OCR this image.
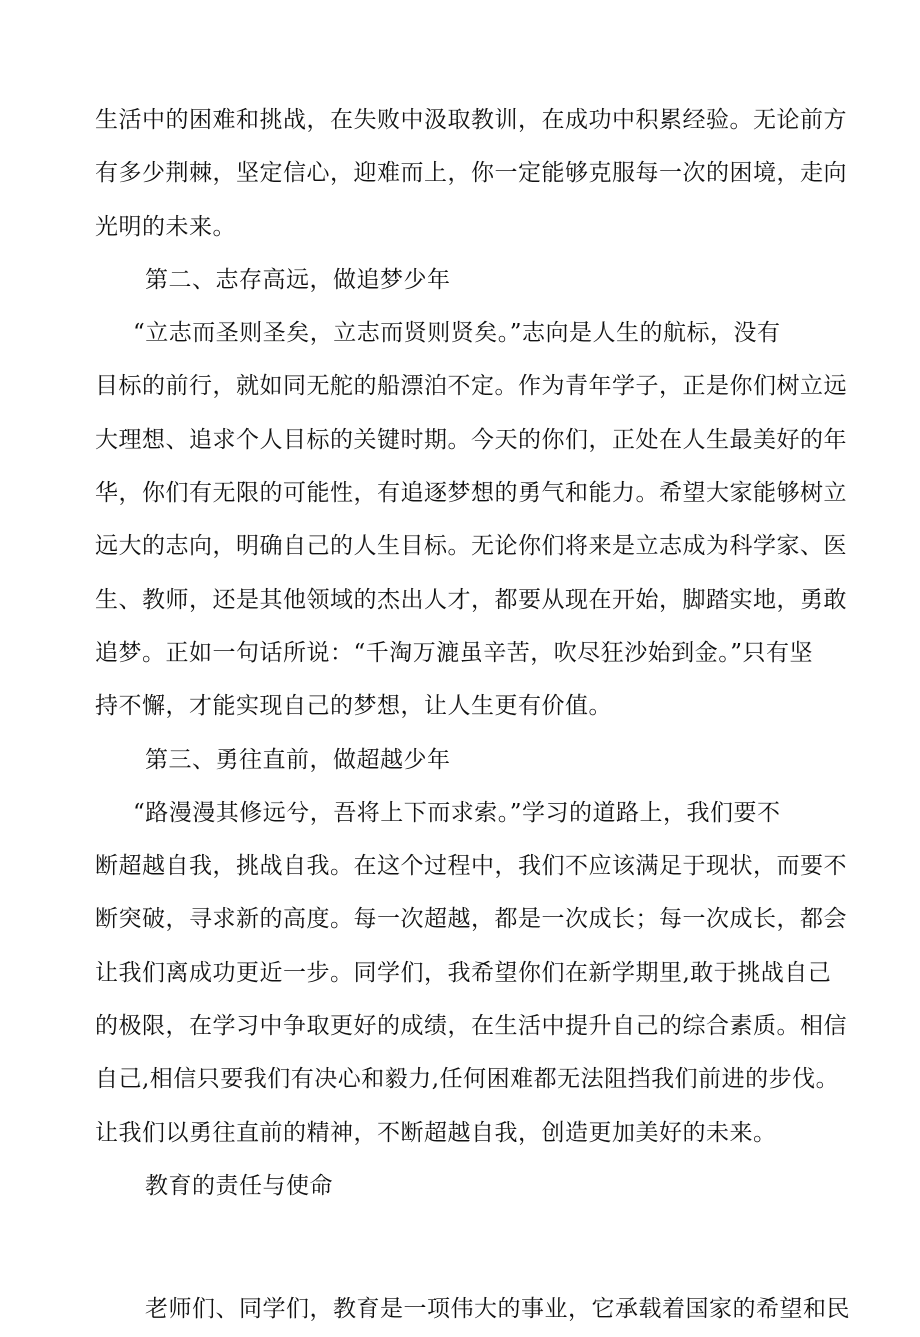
生活中的困难和挑战，在失败中汲取教训，在成功中积累经验。无论前方
有多少荆棘，坚定信心，迎难而上，你一定能够克服每一次的困境，走向
光明的未来。
第二、志存高远，做追梦少年
“立志而圣则圣矣，立志而贤则贤矣。”志向是人生的航标，没有
目标的前行，就如同无舵的船漂泊不定。作为青年学子，正是你们树立远
大理想、追求个人目标的关键时期。今天的你们，正处在人生最美好的年
华，你们有无限的可能性，有追逐梦想的勇气和能力。希望大家能够树立
远大的志向，明确自己的人生目标。无论你们将来是立志成为科学家、医
生、教师，还是其他领域的杰出人才，都要从现在开始，脚踏实地，勇敢
追梦。正如一句话所说：“千淘万漉虽辛苦，吹尽狂沙始到金。”只有坚
持不懈，才能实现自己的梦想，让人生更有价值。
第三、勇往直前，做超越少年
“路漫漫其修远兮，吾将上下而求索。”学习的道路上，我们要不
断超越自我，挑战自我。在这个过程中，我们不应该满足于现状，而要不
断突破，寻求新的高度。每一次超越，都是一次成长；每一次成长，都会
让我们离成功更近一步。同学们，我希望你们在新学期里,敢于挑战自己
的极限，在学习中争取更好的成绩，在生活中提升自己的综合素质。相信
自己,相信只要我们有决心和毅力,任何困难都无法阻挡我们前进的步伐。
让我们以勇往直前的精神，不断超越自我，创造更加美好的未来。
教育的责任与使命
老师们、同学们，教育是一项伟大的事业，它承载着国家的希望和民
